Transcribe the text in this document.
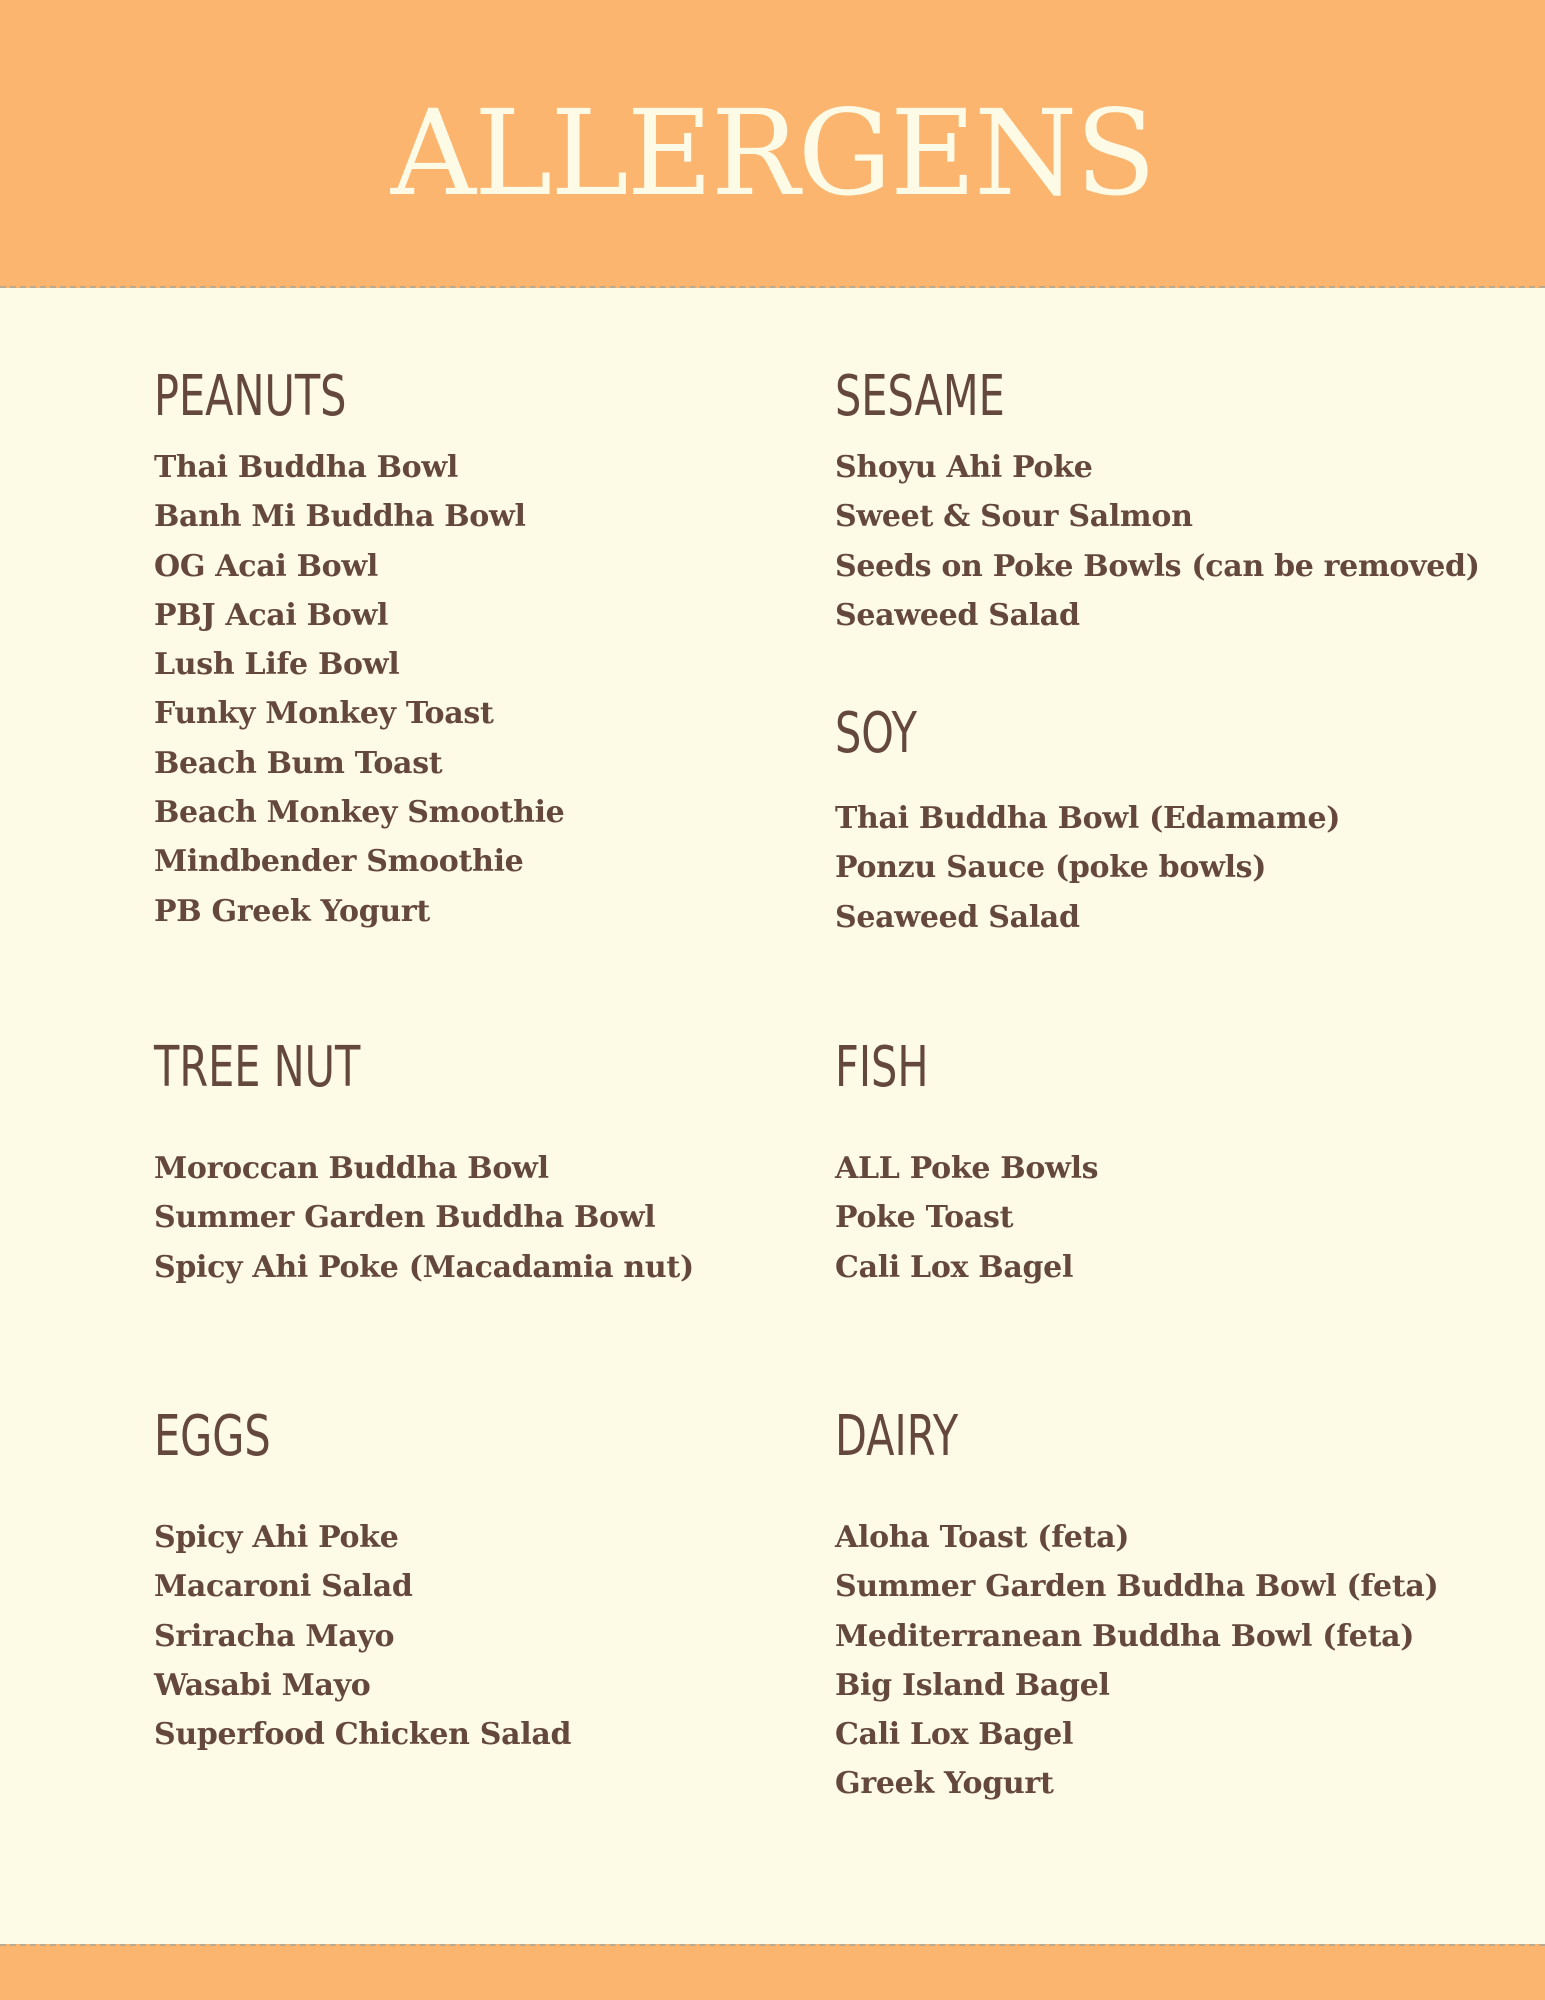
ALLERGENS
PEANUTS
Thai Buddha Bowl
Banh Mi Buddha Bowl
OG Acai Bowl
PBJ Acai Bowl
Lush Life Bowl
Funky Monkey Toast
Beach Bum Toast
Beach Monkey Smoothie
Mindbender Smoothie
PB Greek Yogurt
SESAME
Shoyu Ahi Poke
Sweet & Sour Salmon
Seeds on Poke Bowls (can be removed)
Seaweed Salad
SOY
Thai Buddha Bowl (Edamame)
Ponzu Sauce (poke bowls)
Seaweed Salad
TREE NUT
Moroccan Buddha Bowl
Summer Garden Buddha Bowl
Spicy Ahi Poke (Macadamia nut)
FISH
ALL Poke Bowls
Poke Toast
Cali Lox Bagel
EGGS
Spicy Ahi Poke
Macaroni Salad
Sriracha Mayo
Wasabi Mayo
Superfood Chicken Salad
DAIRY
Aloha Toast (feta)
Summer Garden Buddha Bowl (feta)
Mediterranean Buddha Bowl (feta)
Big Island Bagel
Cali Lox Bagel
Greek Yogurt
